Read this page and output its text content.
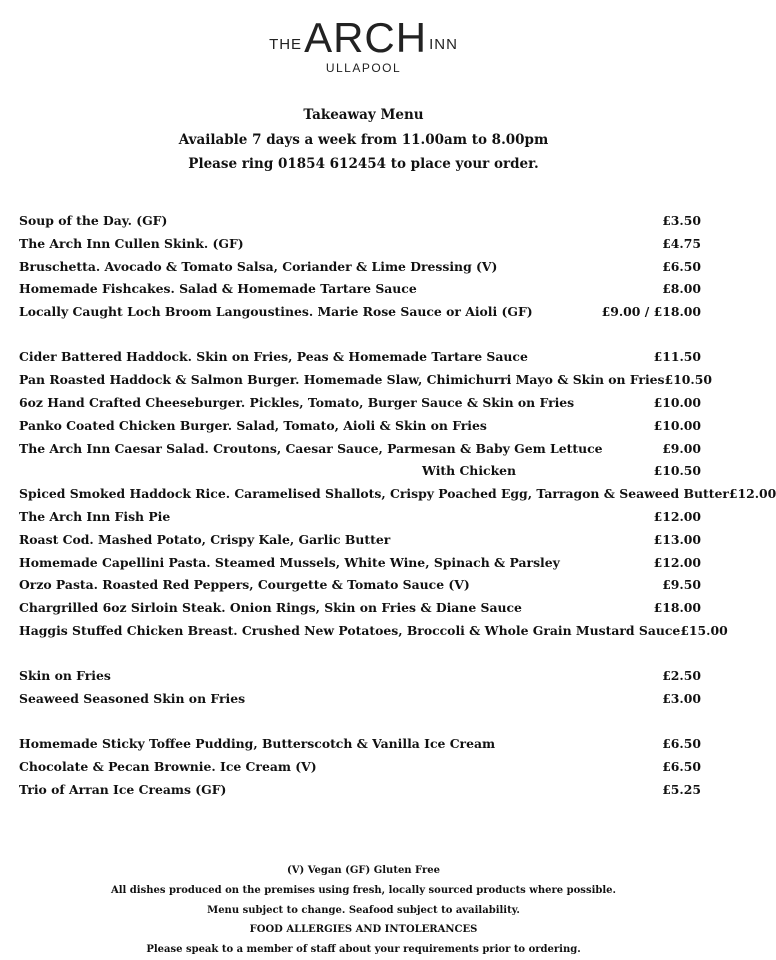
THE ARCH INN
ULLAPOOL
Takeaway Menu
Available 7 days a week from 11.00am to 8.00pm
Please ring 01854 612454 to place your order.
Soup of the Day. (GF)	£3.50
The Arch Inn Cullen Skink. (GF)	£4.75
Bruschetta. Avocado & Tomato Salsa, Coriander & Lime Dressing (V)	£6.50
Homemade Fishcakes. Salad & Homemade Tartare Sauce	£8.00
Locally Caught Loch Broom Langoustines. Marie Rose Sauce or Aioli (GF)	£9.00 / £18.00
Cider Battered Haddock. Skin on Fries, Peas & Homemade Tartare Sauce	£11.50
Pan Roasted Haddock & Salmon Burger. Homemade Slaw, Chimichurri Mayo & Skin on Fries £10.50
6oz Hand Crafted Cheeseburger. Pickles, Tomato, Burger Sauce & Skin on Fries	£10.00
Panko Coated Chicken Burger. Salad, Tomato, Aioli & Skin on Fries	£10.00
The Arch Inn Caesar Salad. Croutons, Caesar Sauce, Parmesan & Baby Gem Lettuce	£9.00
With Chicken	£10.50
Spiced Smoked Haddock Rice. Caramelised Shallots, Crispy Poached Egg, Tarragon & Seaweed Butter £12.00
The Arch Inn Fish Pie	£12.00
Roast Cod. Mashed Potato, Crispy Kale, Garlic Butter	£13.00
Homemade Capellini Pasta. Steamed Mussels, White Wine, Spinach & Parsley	£12.00
Orzo Pasta. Roasted Red Peppers, Courgette & Tomato Sauce (V)	£9.50
Chargrilled 6oz Sirloin Steak. Onion Rings, Skin on Fries & Diane Sauce	£18.00
Haggis Stuffed Chicken Breast. Crushed New Potatoes, Broccoli & Whole Grain Mustard Sauce £15.00
Skin on Fries	£2.50
Seaweed Seasoned Skin on Fries	£3.00
Homemade Sticky Toffee Pudding, Butterscotch & Vanilla Ice Cream	£6.50
Chocolate & Pecan Brownie. Ice Cream (V)	£6.50
Trio of Arran Ice Creams (GF)	£5.25
(V) Vegan (GF) Gluten Free
All dishes produced on the premises using fresh, locally sourced products where possible.
Menu subject to change. Seafood subject to availability.
FOOD ALLERGIES AND INTOLERANCES
Please speak to a member of staff about your requirements prior to ordering.
